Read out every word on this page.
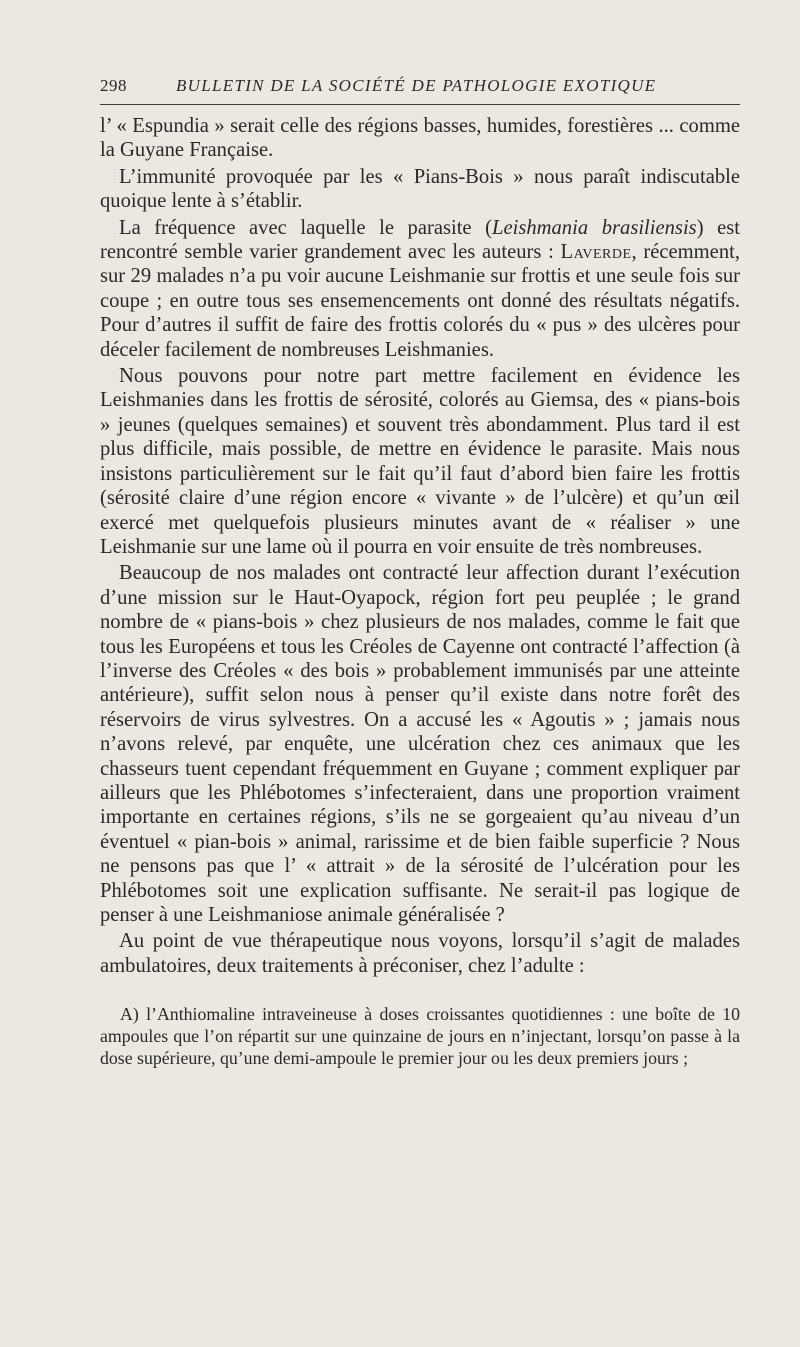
298	BULLETIN DE LA SOCIÉTÉ DE PATHOLOGIE EXOTIQUE

l’ « Espundia » serait celle des régions basses, humides, forestières ... comme la Guyane Française.

L’immunité provoquée par les « Pians-Bois » nous paraît indiscutable quoique lente à s’établir.

La fréquence avec laquelle le parasite (Leishmania brasiliensis) est rencontré semble varier grandement avec les auteurs : Laverde, récemment, sur 29 malades n’a pu voir aucune Leishmanie sur frottis et une seule fois sur coupe ; en outre tous ses ensemencements ont donné des résultats négatifs. Pour d’autres il suffit de faire des frottis colorés du « pus » des ulcères pour déceler facilement de nombreuses Leishmanies.

Nous pouvons pour notre part mettre facilement en évidence les Leishmanies dans les frottis de sérosité, colorés au Giemsa, des « pians-bois » jeunes (quelques semaines) et souvent très abondamment. Plus tard il est plus difficile, mais possible, de mettre en évidence le parasite. Mais nous insistons particulièrement sur le fait qu’il faut d’abord bien faire les frottis (sérosité claire d’une région encore « vivante » de l’ulcère) et qu’un œil exercé met quelquefois plusieurs minutes avant de « réaliser » une Leishmanie sur une lame où il pourra en voir ensuite de très nombreuses.

Beaucoup de nos malades ont contracté leur affection durant l’exécution d’une mission sur le Haut-Oyapock, région fort peu peuplée ; le grand nombre de « pians-bois » chez plusieurs de nos malades, comme le fait que tous les Européens et tous les Créoles de Cayenne ont contracté l’affection (à l’inverse des Créoles « des bois » probablement immunisés par une atteinte antérieure), suffit selon nous à penser qu’il existe dans notre forêt des réservoirs de virus sylvestres. On a accusé les « Agoutis » ; jamais nous n’avons relevé, par enquête, une ulcération chez ces animaux que les chasseurs tuent cependant fréquemment en Guyane ; comment expliquer par ailleurs que les Phlébotomes s’infecteraient, dans une proportion vraiment importante en certaines régions, s’ils ne se gorgeaient qu’au niveau d’un éventuel « pian-bois » animal, rarissime et de bien faible superficie ? Nous ne pensons pas que l’ « attrait » de la sérosité de l’ulcération pour les Phlébotomes soit une explication suffisante. Ne serait-il pas logique de penser à une Leishmaniose animale généralisée ?

Au point de vue thérapeutique nous voyons, lorsqu’il s’agit de malades ambulatoires, deux traitements à préconiser, chez l’adulte :

A) l’Anthiomaline intraveineuse à doses croissantes quotidiennes : une boîte de 10 ampoules que l’on répartit sur une quinzaine de jours en n’injectant, lorsqu’on passe à la dose supérieure, qu’une demi-ampoule le premier jour ou les deux premiers jours ;
